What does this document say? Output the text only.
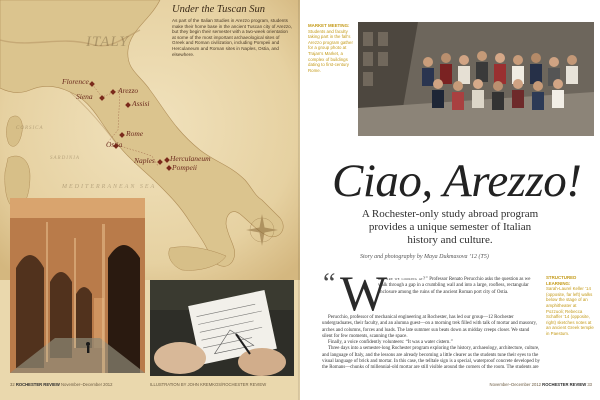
Under the Tuscan Sun
As part of the Italian Studies in Arezzo program, students make their home base in the ancient Tuscan city of Arezzo, but they begin their semester with a two-week orientation at some of the most important archaeological sites of Greek and Roman civilization, including Pompeii and Herculaneum and Roman sites in Naples, Ostia, and elsewhere.
ITALY
CORSICA
SARDINIA
MEDITERRANEAN SEA
Florence
Siena
Arezzo
Assisi
Rome
Ostia
Naples Herculaneum
Pompeii
32 ROCHESTER REVIEW November–December 2012	ILLUSTRATION BY JOHN KREMKOS/ROCHESTER REVIEW
MARKET MEETING:
Students and faculty taking part in the fall’s Arezzo program gather for a group photo at Trajan’s Market, a complex of buildings dating to first-century Rome.
Ciao, Arezzo!
A Rochester-only study abroad program provides a unique semester of Italian history and culture.
Story and photography by Maya Dukmasova ’12 (T5)
“ W

hat are we looking at?” Professor Renato Perucchio asks the question as we walk through a gap in a crumbling wall and into a large, roofless, rectangular enclosure among the ruins of the ancient Roman port city of Ostia.

Perucchio, professor of mechanical engineering at Rochester, has led our group—12 Rochester undergraduates, their faculty, and an alumna guest—on a morning trek filled with talk of mortar and masonry, arches and columns, forces and loads. The late summer sun beats down as midday creeps closer. We stand silent for few moments, scanning the space.

Finally, a voice confidently volunteers: “It was a water cistern.”

Three days into a semester-long Rochester program exploring the history, archaeology, architecture, culture, and language of Italy, and the lessons are already becoming a little clearer as the students tune their eyes to the visual language of brick and mortar. In this case, the telltale sign is a special, waterproof concrete developed by the Romans—chunks of millennial-old mortar are still visible around the corners of the room. The students are

STRUCTURED LEARNING:
Sarah-Laurel Keller ’14 (opposite, far left) walks below the stage of an amphitheater at Pozzuoli; Rebecca Schaffer ’14 (opposite, right) sketches notes at an ancient Greek temple in Paestum.
November–December 2012 ROCHESTER REVIEW 33
